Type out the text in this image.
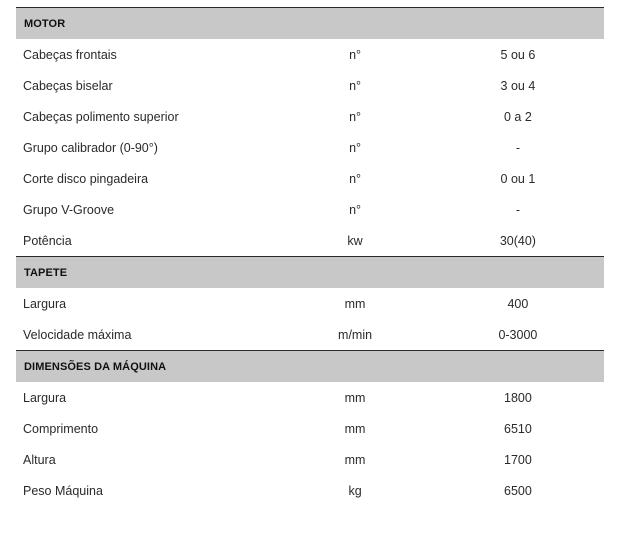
MOTOR
Cabeças frontais	n°	5 ou 6
Cabeças biselar	n°	3 ou 4
Cabeças polimento superior	n°	0 a 2
Grupo calibrador (0-90°)	n°	-
Corte disco pingadeira	n°	0 ou 1
Grupo V-Groove	n°	-
Potência	kw	30(40)
TAPETE
Largura	mm	400
Velocidade máxima	m/min	0-3000
DIMENSÕES DA MÁQUINA
Largura	mm	1800
Comprimento	mm	6510
Altura	mm	1700
Peso Máquina	kg	6500
